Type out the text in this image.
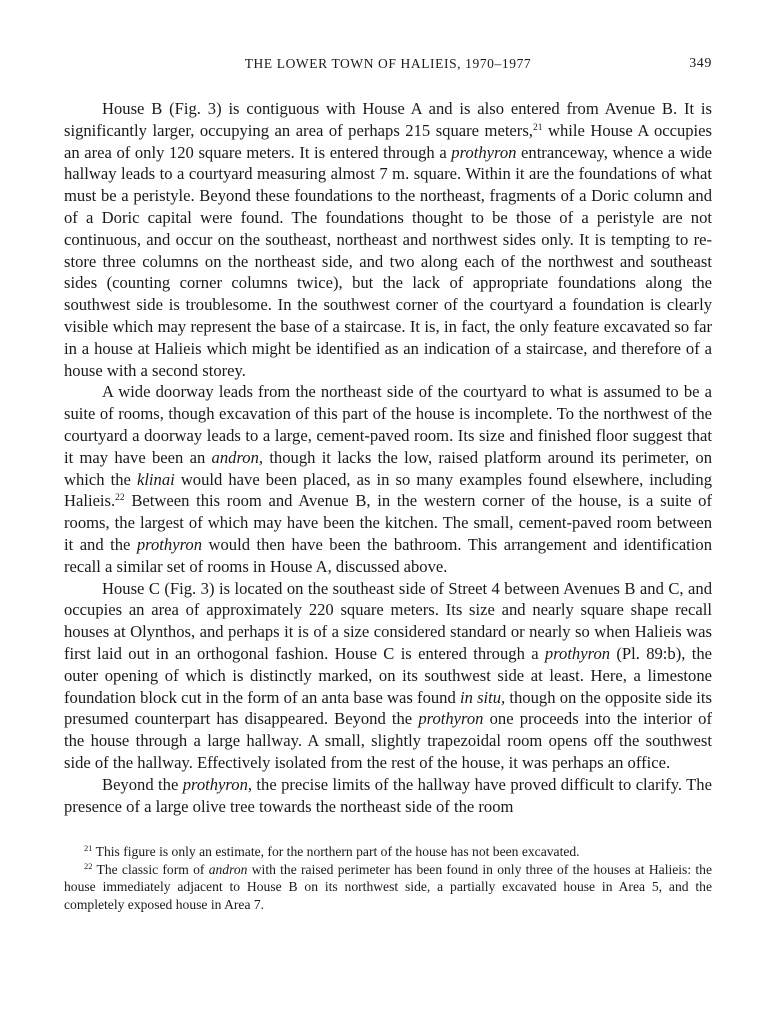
THE LOWER TOWN OF HALIEIS, 1970–1977	349

House B (Fig. 3) is contiguous with House A and is also entered from Avenue B. It is significantly larger, occupying an area of perhaps 215 square meters,$^{21}$ while House A occupies an area of only 120 square meters. It is entered through a prothyron entranceway, whence a wide hallway leads to a courtyard measuring almost 7 m. square. Within it are the foundations of what must be a peristyle. Beyond these foundations to the northeast, fragments of a Doric column and of a Doric capital were found. The foundations thought to be those of a peristyle are not continuous, and occur on the southeast, northeast and northwest sides only. It is tempting to restore three columns on the northeast side, and two along each of the northwest and southeast sides (counting corner columns twice), but the lack of appropriate foundations along the southwest side is troublesome. In the southwest corner of the courtyard a foundation is clearly visible which may represent the base of a staircase. It is, in fact, the only feature excavated so far in a house at Halieis which might be identified as an indication of a staircase, and therefore of a house with a second storey.

A wide doorway leads from the northeast side of the courtyard to what is assumed to be a suite of rooms, though excavation of this part of the house is incomplete. To the northwest of the courtyard a doorway leads to a large, cement-paved room. Its size and finished floor suggest that it may have been an andron, though it lacks the low, raised platform around its perimeter, on which the klinai would have been placed, as in so many examples found elsewhere, including Halieis.$^{22}$ Between this room and Avenue B, in the western corner of the house, is a suite of rooms, the largest of which may have been the kitchen. The small, cement-paved room between it and the prothyron would then have been the bathroom. This arrangement and identification recall a similar set of rooms in House A, discussed above.

House C (Fig. 3) is located on the southeast side of Street 4 between Avenues B and C, and occupies an area of approximately 220 square meters. Its size and nearly square shape recall houses at Olynthos, and perhaps it is of a size considered standard or nearly so when Halieis was first laid out in an orthogonal fashion. House C is entered through a prothyron (Pl. 89:b), the outer opening of which is distinctly marked, on its southwest side at least. Here, a limestone foundation block cut in the form of an anta base was found in situ, though on the opposite side its presumed counterpart has disappeared. Beyond the prothyron one proceeds into the interior of the house through a large hallway. A small, slightly trapezoidal room opens off the southwest side of the hallway. Effectively isolated from the rest of the house, it was perhaps an office.

Beyond the prothyron, the precise limits of the hallway have proved difficult to clarify. The presence of a large olive tree towards the northeast side of the room

$^{21}$ This figure is only an estimate, for the northern part of the house has not been excavated.

$^{22}$ The classic form of andron with the raised perimeter has been found in only three of the houses at Halieis: the house immediately adjacent to House B on its northwest side, a partially excavated house in Area 5, and the completely exposed house in Area 7.
